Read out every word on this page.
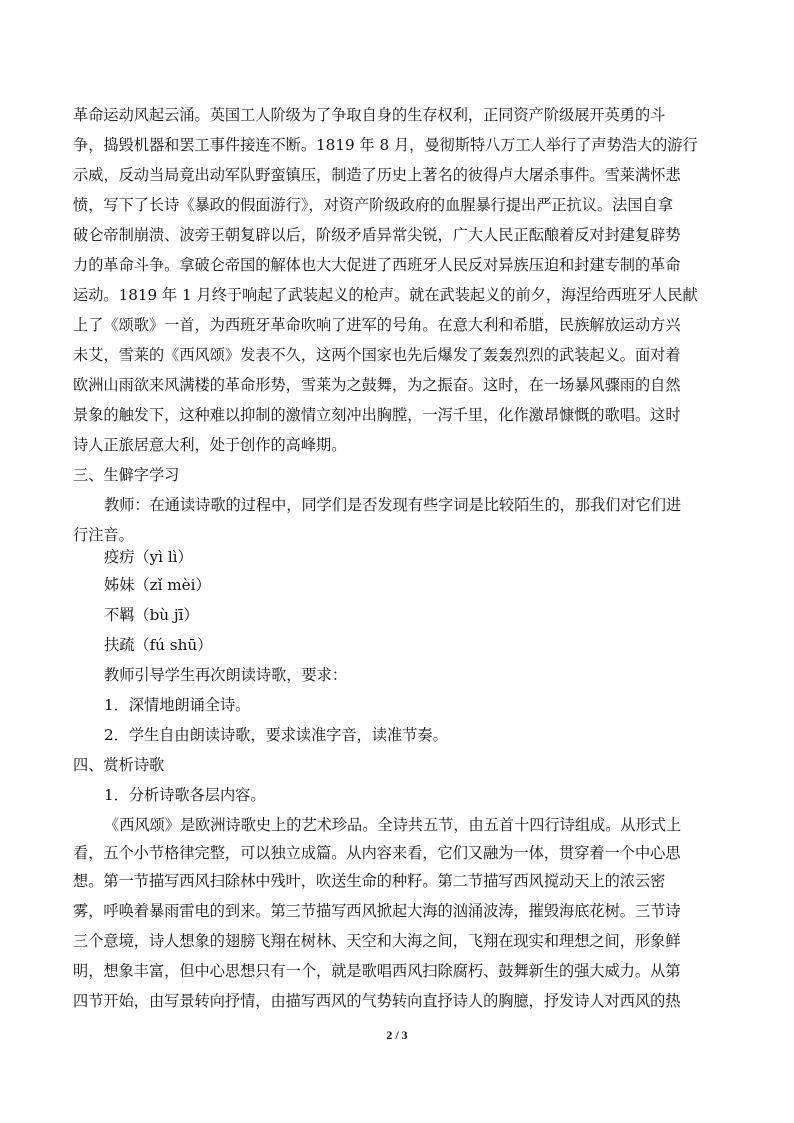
革命运动风起云涌。英国工人阶级为了争取自身的生存权利，正同资产阶级展开英勇的斗
争，捣毁机器和罢工事件接连不断。1819 年 8 月，曼彻斯特八万工人举行了声势浩大的游行
示威，反动当局竟出动军队野蛮镇压，制造了历史上著名的彼得卢大屠杀事件。雪莱满怀悲
愤，写下了长诗《暴政的假面游行》，对资产阶级政府的血腥暴行提出严正抗议。法国自拿
破仑帝制崩溃、波旁王朝复辟以后，阶级矛盾异常尖锐，广大人民正酝酿着反对封建复辟势
力的革命斗争。拿破仑帝国的解体也大大促进了西班牙人民反对异族压迫和封建专制的革命
运动。1819 年 1 月终于响起了武装起义的枪声。就在武装起义的前夕，海涅给西班牙人民献
上了《颂歌》一首，为西班牙革命吹响了进军的号角。在意大利和希腊，民族解放运动方兴
未艾，雪莱的《西风颂》发表不久，这两个国家也先后爆发了轰轰烈烈的武装起义。面对着
欧洲山雨欲来风满楼的革命形势，雪莱为之鼓舞，为之振奋。这时，在一场暴风骤雨的自然
景象的触发下，这种难以抑制的激情立刻冲出胸膛，一泻千里，化作激昂慷慨的歌唱。这时
诗人正旅居意大利，处于创作的高峰期。
三、生僻字学习
教师：在通读诗歌的过程中，同学们是否发现有些字词是比较陌生的，那我们对它们进
行注音。
疫疠（yì lì）
姊妹（zǐ mèi）
不羁（bù jī）
扶疏（fú shū）
教师引导学生再次朗读诗歌，要求：
1．深情地朗诵全诗。
2．学生自由朗读诗歌，要求读准字音，读准节奏。
四、赏析诗歌
1．分析诗歌各层内容。
《西风颂》是欧洲诗歌史上的艺术珍品。全诗共五节，由五首十四行诗组成。从形式上
看，五个小节格律完整，可以独立成篇。从内容来看，它们又融为一体，贯穿着一个中心思
想。第一节描写西风扫除林中残叶，吹送生命的种籽。第二节描写西风搅动天上的浓云密
雾，呼唤着暴雨雷电的到来。第三节描写西风掀起大海的汹涌波涛，摧毁海底花树。三节诗
三个意境，诗人想象的翅膀飞翔在树林、天空和大海之间，飞翔在现实和理想之间，形象鲜
明，想象丰富，但中心思想只有一个，就是歌唱西风扫除腐朽、鼓舞新生的强大威力。从第
四节开始，由写景转向抒情，由描写西风的气势转向直抒诗人的胸臆，抒发诗人对西风的热
2 / 3
